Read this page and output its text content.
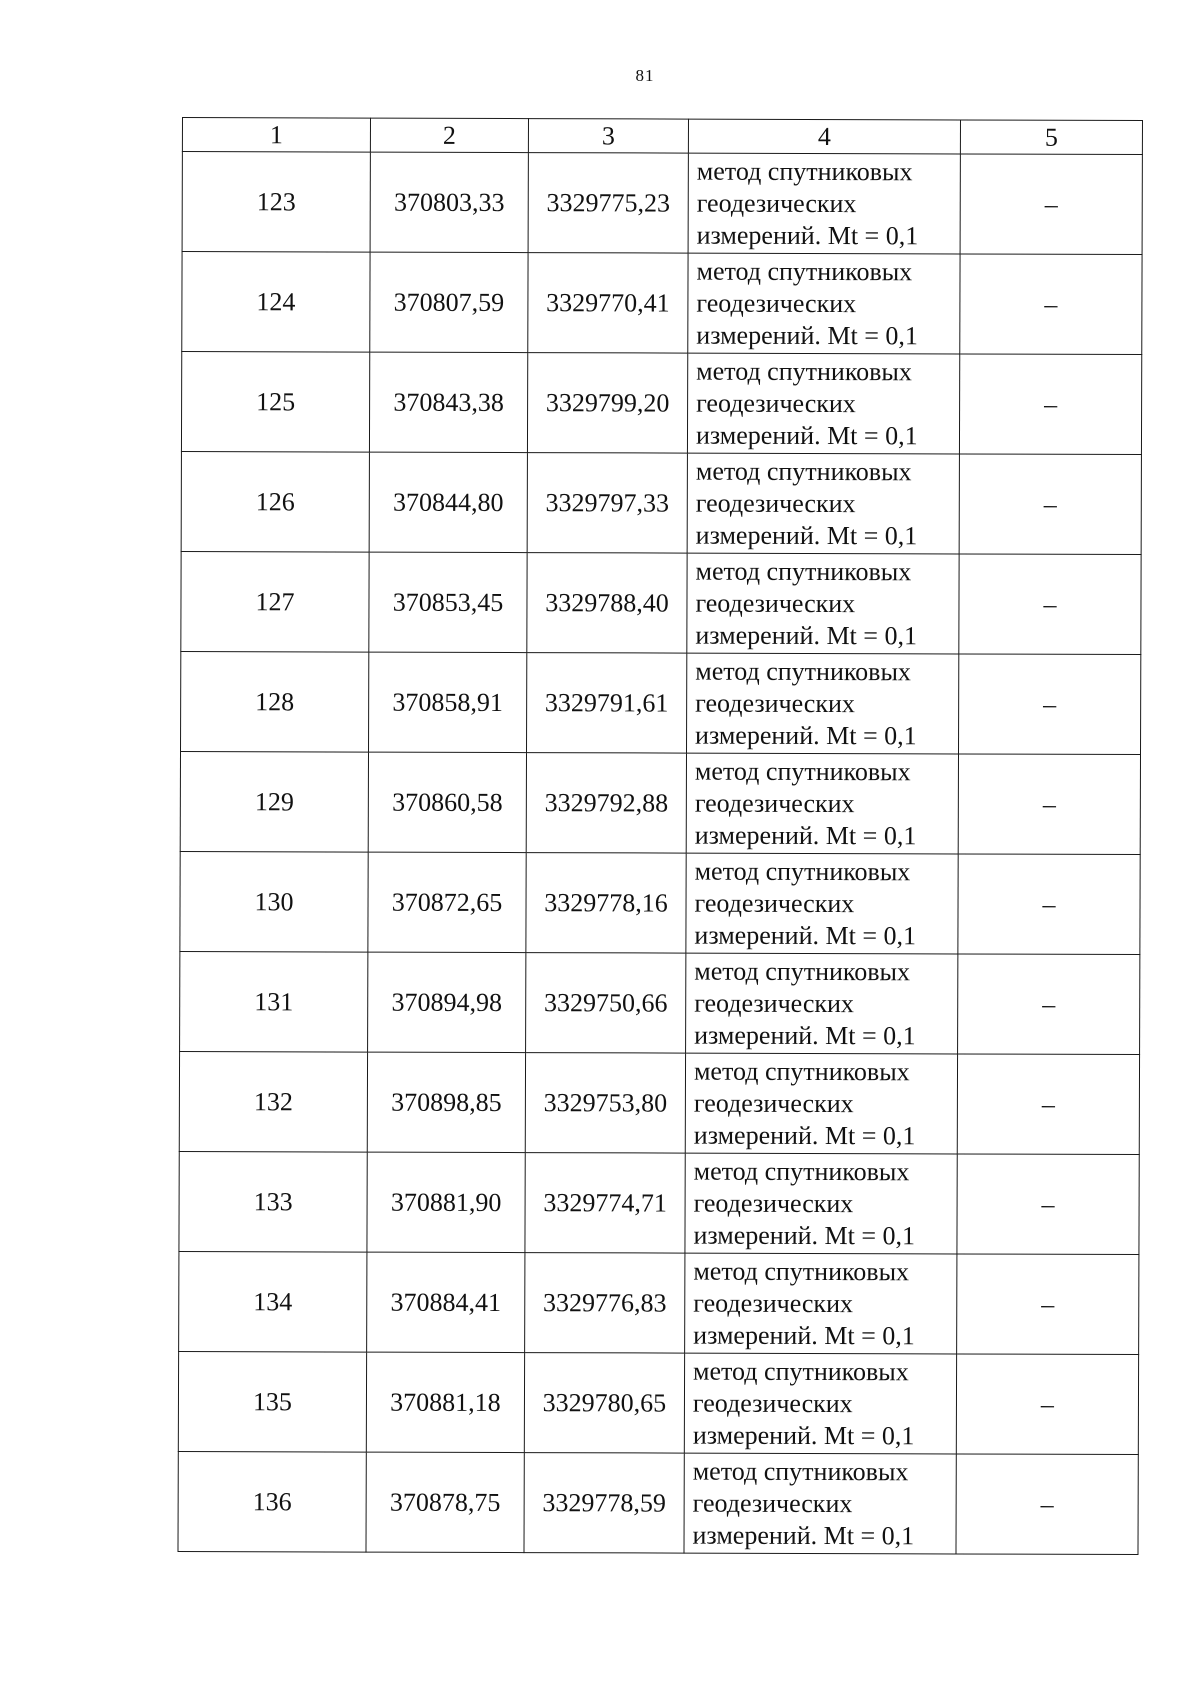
81
1	2	3	4	5
123	370803,33	3329775,23	метод спутниковых
геодезических
измерений. Mt = 0,1	–
124	370807,59	3329770,41	метод спутниковых
геодезических
измерений. Mt = 0,1	–
125	370843,38	3329799,20	метод спутниковых
геодезических
измерений. Mt = 0,1	–
126	370844,80	3329797,33	метод спутниковых
геодезических
измерений. Mt = 0,1	–
127	370853,45	3329788,40	метод спутниковых
геодезических
измерений. Mt = 0,1	–
128	370858,91	3329791,61	метод спутниковых
геодезических
измерений. Mt = 0,1	–
129	370860,58	3329792,88	метод спутниковых
геодезических
измерений. Mt = 0,1	–
130	370872,65	3329778,16	метод спутниковых
геодезических
измерений. Mt = 0,1	–
131	370894,98	3329750,66	метод спутниковых
геодезических
измерений. Mt = 0,1	–
132	370898,85	3329753,80	метод спутниковых
геодезических
измерений. Mt = 0,1	–
133	370881,90	3329774,71	метод спутниковых
геодезических
измерений. Mt = 0,1	–
134	370884,41	3329776,83	метод спутниковых
геодезических
измерений. Mt = 0,1	–
135	370881,18	3329780,65	метод спутниковых
геодезических
измерений. Mt = 0,1	–
136	370878,75	3329778,59	метод спутниковых
геодезических
измерений. Mt = 0,1	–
